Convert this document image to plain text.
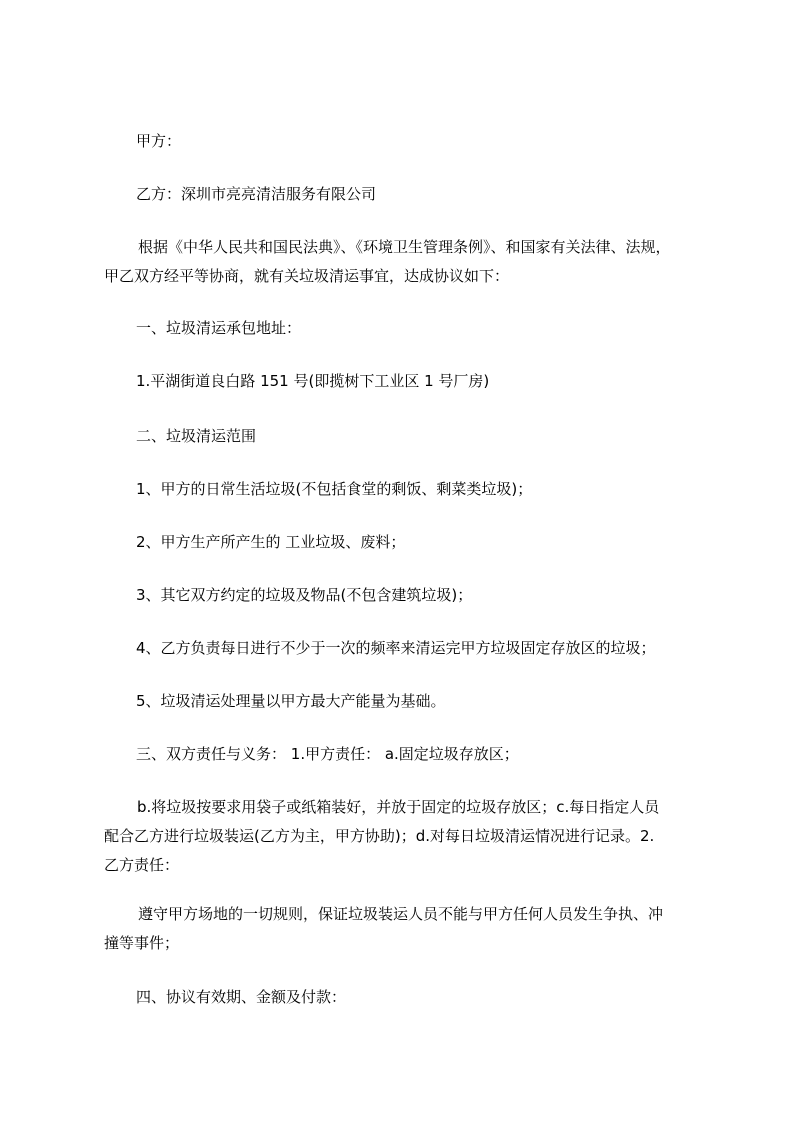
甲方：

乙方：深圳市亮亮清洁服务有限公司

根据《中华人民共和国民法典》、《环境卫生管理条例》、和国家有关法律、法规，
甲乙双方经平等协商，就有关垃圾清运事宜，达成协议如下：

一、垃圾清运承包地址：

1.平湖街道良白路 151 号(即揽树下工业区 1 号厂房)

二、垃圾清运范围

1、甲方的日常生活垃圾(不包括食堂的剩饭、剩菜类垃圾)；

2、甲方生产所产生的 工业垃圾、废料；

3、其它双方约定的垃圾及物品(不包含建筑垃圾)；

4、乙方负责每日进行不少于一次的频率来清运完甲方垃圾固定存放区的垃圾；

5、垃圾清运处理量以甲方最大产能量为基础。

三、双方责任与义务： 1.甲方责任： a.固定垃圾存放区；

b.将垃圾按要求用袋子或纸箱装好，并放于固定的垃圾存放区；c.每日指定人员
配合乙方进行垃圾装运(乙方为主，甲方协助)；d.对每日垃圾清运情况进行记录。2.
乙方责任：
遵守甲方场地的一切规则，保证垃圾装运人员不能与甲方任何人员发生争执、冲
撞等事件；

四、协议有效期、金额及付款：
